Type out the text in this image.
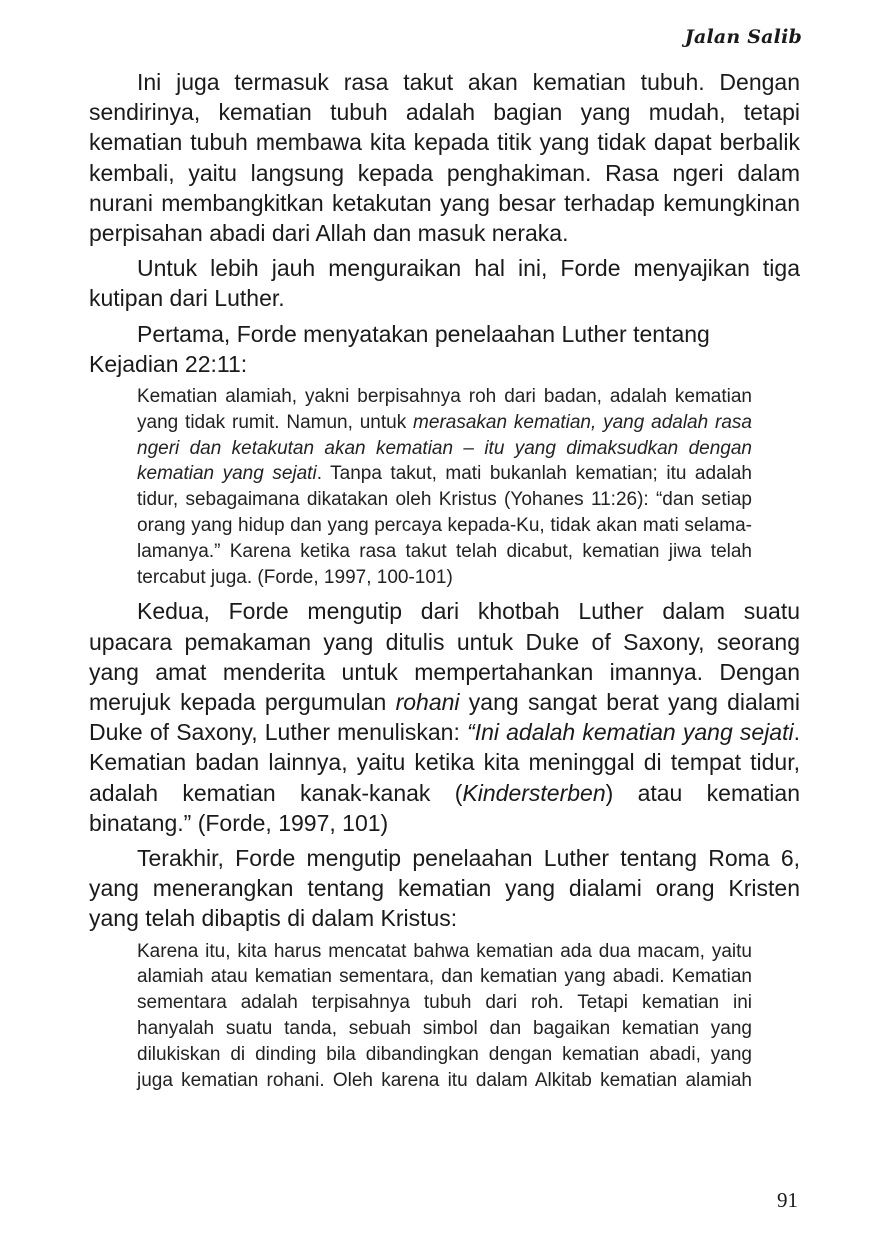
Jalan Salib

Ini juga termasuk rasa takut akan kematian tubuh. Dengan sendirinya, kematian tubuh adalah bagian yang mudah, tetapi kematian tubuh membawa kita kepada titik yang tidak dapat berbalik kembali, yaitu langsung kepada penghakiman. Rasa ngeri dalam nurani membangkitkan ketakutan yang besar terhadap kemungkinan perpisahan abadi dari Allah dan masuk neraka.

Untuk lebih jauh menguraikan hal ini, Forde menyajikan tiga kutipan dari Luther.

Pertama, Forde menyatakan penelaahan Luther tentang Kejadian 22:11:

Kematian alamiah, yakni berpisahnya roh dari badan, adalah kematian yang tidak rumit. Namun, untuk merasakan kematian, yang adalah rasa ngeri dan ketakutan akan kematian – itu yang dimaksudkan dengan kematian yang sejati. Tanpa takut, mati bukanlah kematian; itu adalah tidur, sebagaimana dikatakan oleh Kristus (Yohanes 11:26): “dan setiap orang yang hidup dan yang percaya kepada-Ku, tidak akan mati selama-lamanya.” Karena ketika rasa takut telah dicabut, kematian jiwa telah tercabut juga. (Forde, 1997, 100-101)

Kedua, Forde mengutip dari khotbah Luther dalam suatu upacara pemakaman yang ditulis untuk Duke of Saxony, seorang yang amat menderita untuk mempertahankan imannya. Dengan merujuk kepada pergumulan rohani yang sangat berat yang dialami Duke of Saxony, Luther menuliskan: “Ini adalah kematian yang sejati. Kematian badan lainnya, yaitu ketika kita meninggal di tempat tidur, adalah kematian kanak-kanak (Kindersterben) atau kematian binatang.” (Forde, 1997, 101)

Terakhir, Forde mengutip penelaahan Luther tentang Roma 6, yang menerangkan tentang kematian yang dialami orang Kristen yang telah dibaptis di dalam Kristus:

Karena itu, kita harus mencatat bahwa kematian ada dua macam, yaitu alamiah atau kematian sementara, dan kematian yang abadi. Kematian sementara adalah terpisahnya tubuh dari roh. Tetapi kematian ini hanyalah suatu tanda, sebuah simbol dan bagaikan kematian yang dilukiskan di dinding bila dibandingkan dengan kematian abadi, yang juga kematian rohani. Oleh karena itu dalam Alkitab kematian alamiah
91
